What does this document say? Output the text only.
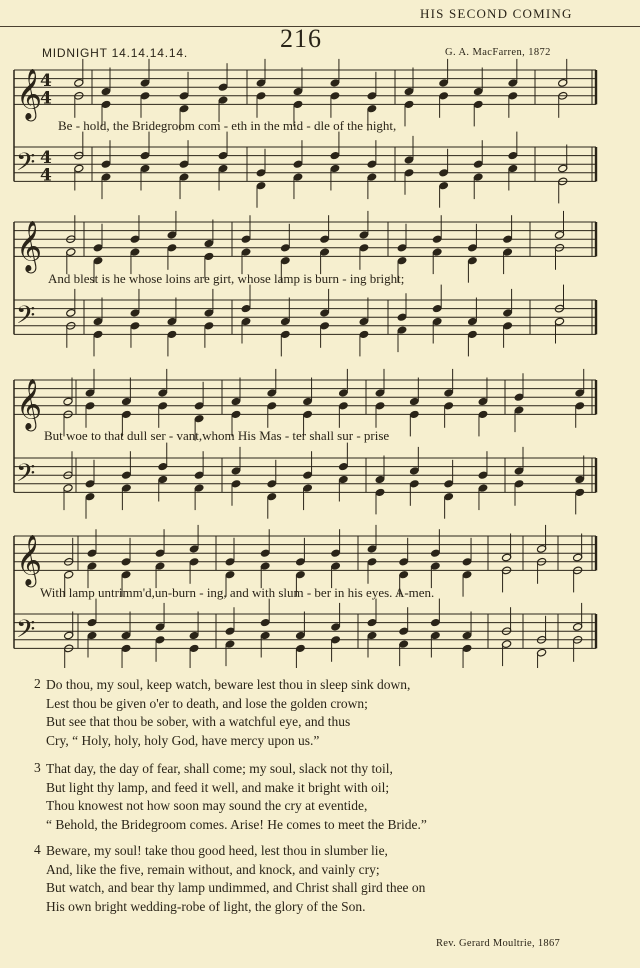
HIS SECOND COMING
216
MIDNIGHT 14.14.14.14.	G. A. MacFarren, 1872
𝄞
4
4
𝄢 4
4
𝄞
𝄢
𝄞
𝄢
𝄞
𝄢
Be - hold, the Bridegroom com - eth in the mid - dle of the night,
And blest is he whose loins are girt, whose lamp is burn - ing bright;
But woe to that dull ser - vant,whom His Mas - ter shall sur - prise
With lamp untrimm'd,un-burn - ing, and with slum - ber in his eyes. A-men.
2 Do thou, my soul, keep watch, beware lest thou in sleep sink down,
Lest thou be given o'er to death, and lose the golden crown;
But see that thou be sober, with a watchful eye, and thus
Cry, “ Holy, holy, holy God, have mercy upon us.”
3 That day, the day of fear, shall come; my soul, slack not thy toil,
But light thy lamp, and feed it well, and make it bright with oil;
Thou knowest not how soon may sound the cry at eventide,
“ Behold, the Bridegroom comes. Arise! He comes to meet the Bride.”
4 Beware, my soul! take thou good heed, lest thou in slumber lie,
And, like the five, remain without, and knock, and vainly cry;
But watch, and bear thy lamp undimmed, and Christ shall gird thee on
His own bright wedding-robe of light, the glory of the Son.
Rev. Gerard Moultrie, 1867
